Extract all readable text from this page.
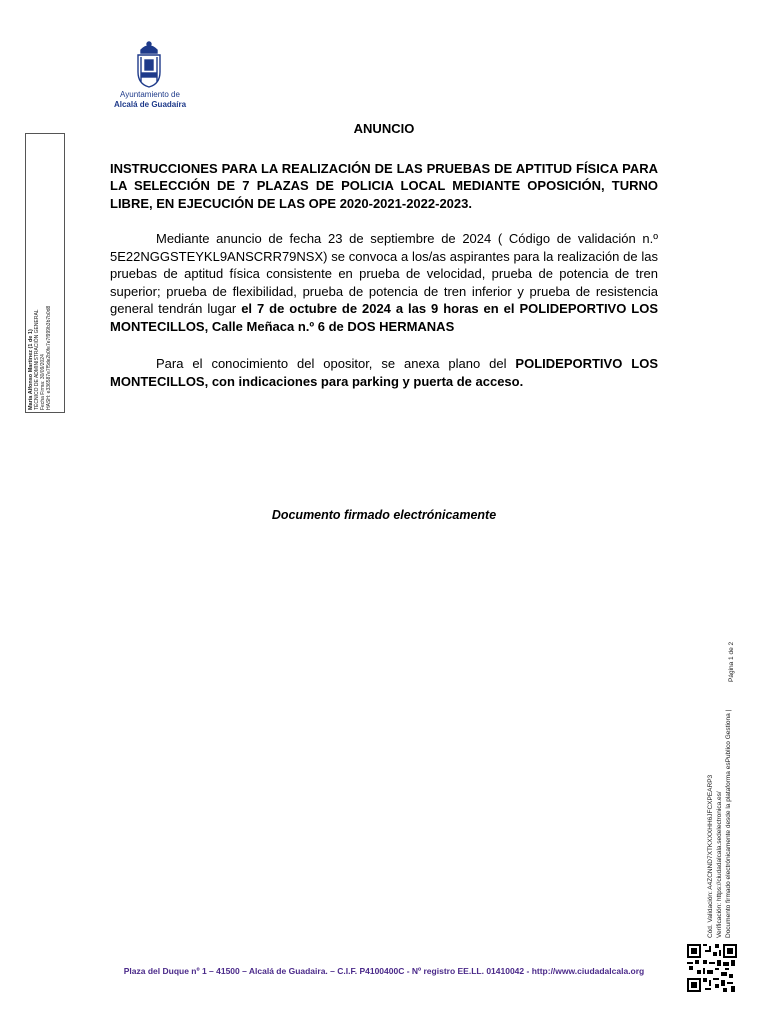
Ayuntamiento de
Alcalá de Guadaíra
María Alfonso Martínez (1 de 1) TÉCNICO DE ADMINISTRACIÓN GENERAL Fecha Firma: 30/09/2024 HASH: e336587e7f5de2b0fe7e7f999b3b7b0d8
Cód. Validación: A4ZCNND7XTKXXXHH6JFCXPEARP3 Verificación: https://ciudadalcala.sedelectronica.es/ Documento firmado electrónicamente desde la plataforma esPublico Gestiona |
Página 1 de 2

ANUNCIO

INSTRUCCIONES PARA LA REALIZACIÓN DE LAS PRUEBAS DE APTITUD FÍSICA PARA LA SELECCIÓN DE 7 PLAZAS DE POLICIA LOCAL MEDIANTE OPOSICIÓN, TURNO LIBRE, EN EJECUCIÓN DE LAS OPE 2020-2021-2022-2023.

Mediante anuncio de fecha 23 de septiembre de 2024 ( Código de validación n.º 5E22NGGSTEYKL9ANSCRR79NSX) se convoca a los/as aspirantes para la realización de las pruebas de aptitud física consistente en prueba de velocidad, prueba de potencia de tren superior; prueba de flexibilidad, prueba de potencia de tren inferior y prueba de resistencia general tendrán lugar el 7 de octubre de 2024 a las 9 horas en el POLIDEPORTIVO LOS MONTECILLOS, Calle Meñaca n.º 6 de DOS HERMANAS

Para el conocimiento del opositor, se anexa plano del POLIDEPORTIVO LOS MONTECILLOS, con indicaciones para parking y puerta de acceso.

Documento firmado electrónicamente
Plaza del Duque nº 1 – 41500 – Alcalá de Guadaira. – C.I.F. P4100400C - Nº registro EE.LL. 01410042 - http://www.ciudadalcala.org
